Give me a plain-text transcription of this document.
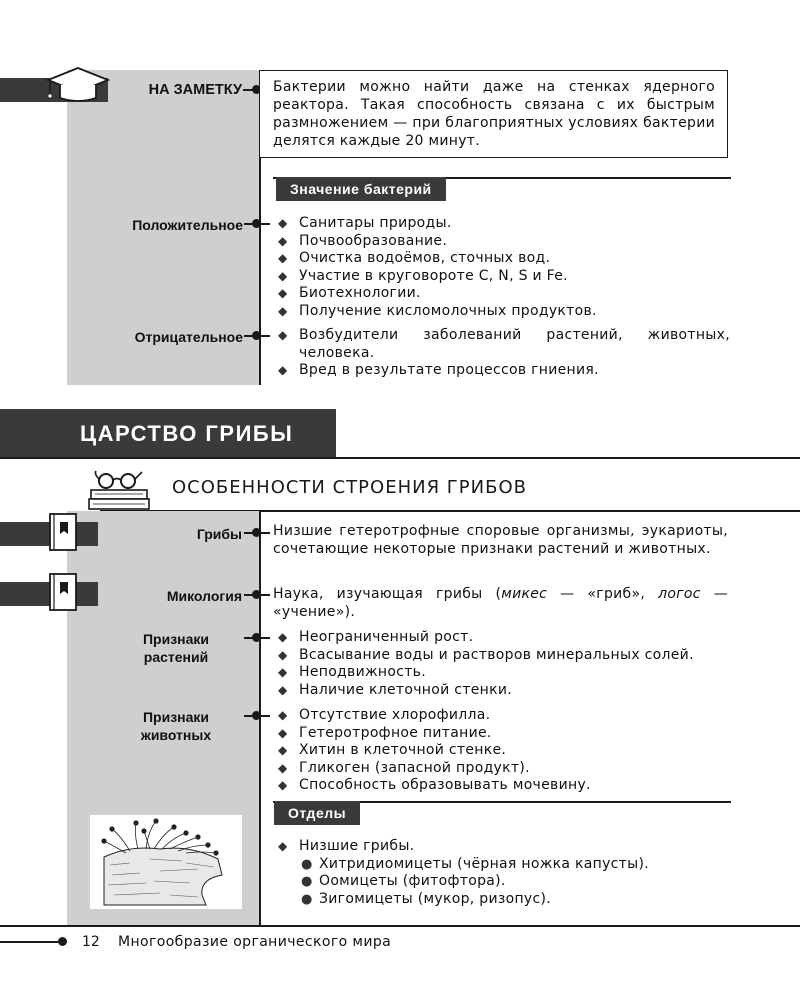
НА ЗАМЕТКУ Бактерии можно найти даже на стенках ядерного реактора. Такая способность связана с их быстрым размножением — при благоприятных условиях бактерии делятся каждые 20 минут.
Значение бактерий
Положительное	◆ Санитары природы.
◆ Почвообразование.
◆ Очистка водоёмов, сточных вод.
◆ Участие в круговороте C, N, S и Fe.
◆ Биотехнологии.
◆ Получение кисломолочных продуктов.
Отрицательное	◆ Возбудители заболеваний растений, животных, человека.
◆ Вред в результате процессов гниения.
ЦАРСТВО ГРИБЫ
ОСОБЕННОСТИ СТРОЕНИЯ ГРИБОВ
Грибы Низшие гетеротрофные споровые организмы, эукариоты, сочетающие некоторые признаки растений и животных.
Микология Наука, изучающая грибы (микес — «гриб», логос — «учение»).
Признаки
растений
◆ Неограниченный рост.
◆ Всасывание воды и растворов минеральных солей.
◆ Неподвижность.
◆ Наличие клеточной стенки.
Признаки
животных
◆ Отсутствие хлорофилла.
◆ Гетеротрофное питание.
◆ Хитин в клеточной стенке.
◆ Гликоген (запасной продукт).
◆ Способность образовывать мочевину.
Отделы
◆ Низшие грибы.
● Хитридиомицеты (чёрная ножка капусты).
● Оомицеты (фитофтора).
● Зигомицеты (мукор, ризопус).
12 Многообразие органического мира
